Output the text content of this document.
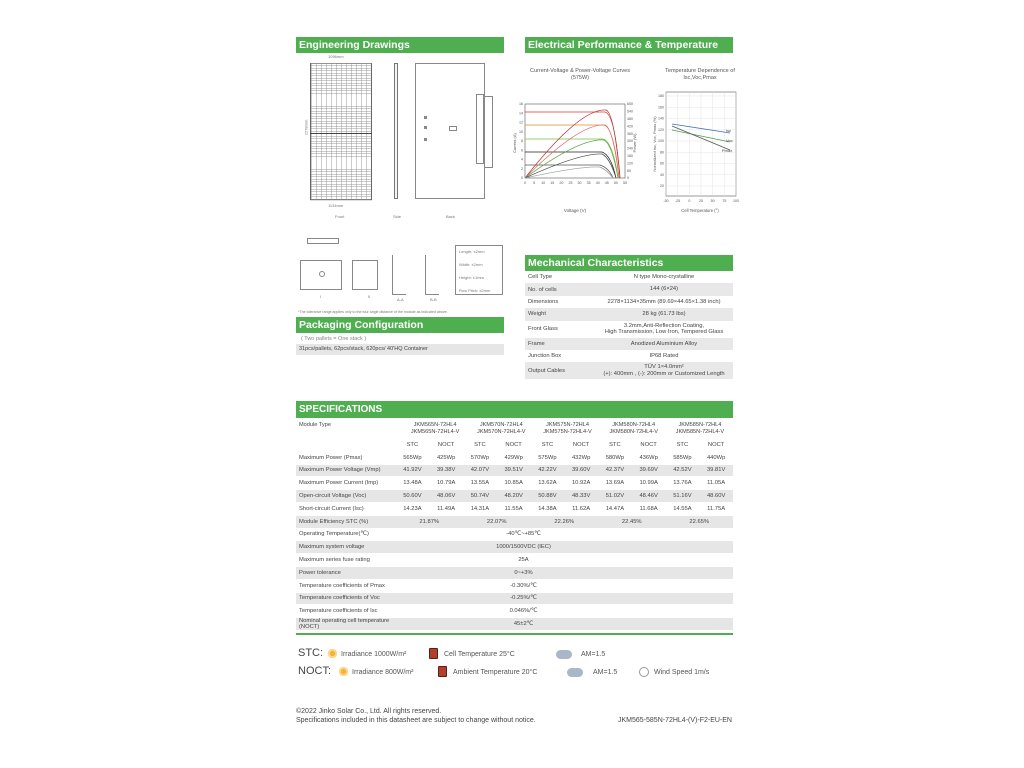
Engineering Drawings
1096mm
2278mm
1134mm
Front	Side	Back
I	II
A-A	B-B
Length: ±2mm
Width: ±2mm
Height: ±1mm
Row Pitch: ±2mm
*The tolerance range applies only to the four angle distance of the module as indicated above.
Packaging Configuration
( Two pallets = One stack )
31pcs/pallets, 62pcs/stack, 620pcs/ 40'HQ Container
Electrical Performance & Temperature Dependence
Current-Voltage & Power-Voltage Curves (575W)
Temperature Dependence of Isc,Voc,Pmax
0
2
4
6
8
10
12
14
16
0
60
120
180
240
300
360
420
480
540
600
0 5 10 15 20 25 30 35 40 45 50 55
Current (A)	Power (W)
Voltage (V)
20
40
60
80
100
120
140
160
180
-50 -25 0 25 50 75 100
Isc
Voc
Pmax
Normalized Isc, Voc, Pmax (%)
Cell Temperature (°)
Mechanical Characteristics
Cell Type	N type Mono-crystalline
No. of cells	144 (6×24)
Dimensions	2278×1134×35mm (89.69×44.65×1.38 inch)
Weight	28 kg (61.73 lbs)
Front Glass
3.2mm,Anti-Reflection Coating,
High Transmission, Low Iron, Tempered Glass
Frame	Anodized Aluminium Alloy
Junction Box	IP68 Rated
Output Cables
TÜV 1×4.0mm²
(+): 400mm , (-): 200mm or Customized Length
SPECIFICATIONS
Module Type	JKM565N-72HL4
JKM565N-72HL4-V
JKM570N-72HL4
JKM570N-72HL4-V
JKM575N-72HL4
JKM575N-72HL4-V
JKM580N-72HL4
JKM580N-72HL4-V
JKM585N-72HL4
JKM585N-72HL4-V
STC	NOCT	STC	NOCT	STC	NOCT	STC	NOCT	STC	NOCT
Maximum Power (Pmax)	565Wp	425Wp	570Wp	429Wp	575Wp	432Wp	580Wp	436Wp	585Wp	440Wp
Maximum Power Voltage (Vmp)	41.92V	39.38V	42.07V	39.51V	42.22V	39.60V	42.37V	39.69V	42.52V	39.81V
Maximum Power Current (Imp)	13.48A	10.79A	13.55A	10.85A	13.62A	10.92A	13.69A	10.99A	13.76A	11.05A
Open-circuit Voltage (Voc)	50.60V	48.06V	50.74V	48.20V	50.88V	48.33V	51.02V	48.46V	51.16V	48.60V
Short-circuit Current (Isc)	14.23A	11.49A	14.31A	11.55A	14.38A	11.62A	14.47A	11.68A	14.55A	11.75A
Module Efficiency STC (%)	21.87%	22.07%	22.26%	22.45%	22.65%
Operating Temperature(℃)	-40℃~+85℃
Maximum system voltage	1000/1500VDC (IEC)
Maximum series fuse rating	25A
Power tolerance	0~+3%
Temperature coefficients of Pmax	-0.30%/℃
Temperature coefficients of Voc	-0.25%/℃
Temperature coefficients of Isc	0.046%/℃
Nominal operating cell temperature (NOCT)
45±2℃
STC:	Irradiance 1000W/m²	Cell Temperature 25°C	AM=1.5
NOCT:	Irradiance 800W/m²	Ambient Temperature 20°C	AM=1.5	Wind Speed 1m/s
©2022 Jinko Solar Co., Ltd. All rights reserved.
Specifications included in this datasheet are subject to change without notice.	JKM565-585N-72HL4-(V)-F2-EU-EN
